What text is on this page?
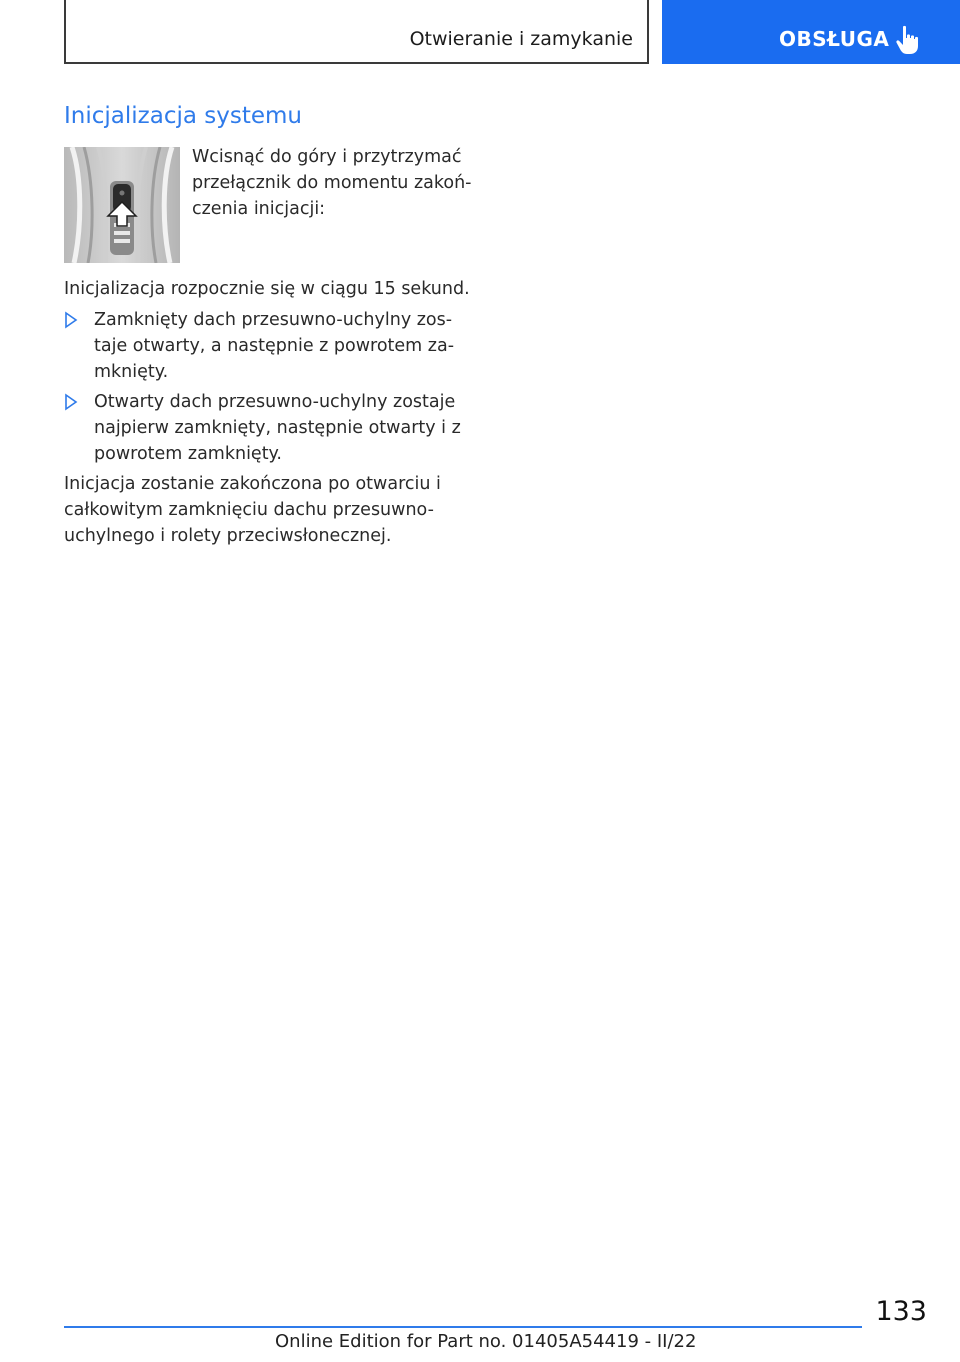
Otwieranie i zamykanie	OBSŁUGA
Inicjalizacja systemu
Wcisnąć do góry i przytrzymać
przełącznik do momentu zakoń-
czenia inicjacji:
Inicjalizacja rozpocznie się w ciągu 15 sekund.
Zamknięty dach przesuwno-uchylny zos-
taje otwarty, a następnie z powrotem za-
mknięty.
Otwarty dach przesuwno-uchylny zostaje
najpierw zamknięty, następnie otwarty i z
powrotem zamknięty.
Inicjacja zostanie zakończona po otwarciu i
całkowitym zamknięciu dachu przesuwno-
uchylnego i rolety przeciwsłonecznej.
133
Online Edition for Part no. 01405A54419 - II/22
